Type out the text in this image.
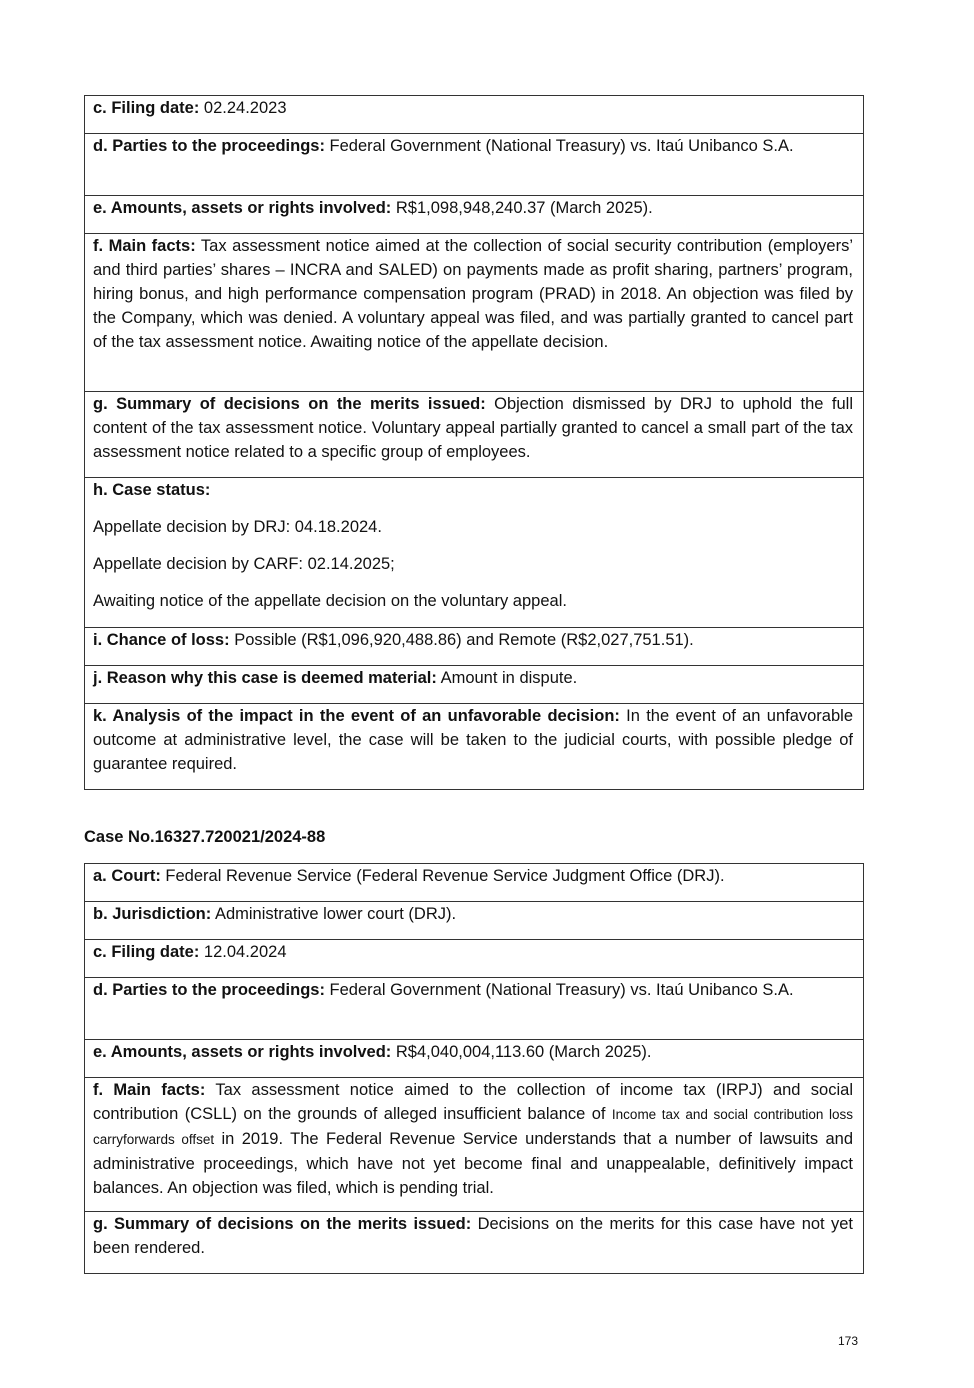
c. Filing date: 02.24.2023

d. Parties to the proceedings: Federal Government (National Treasury) vs. Itaú Unibanco S.A.

e. Amounts, assets or rights involved: R$1,098,948,240.37 (March 2025).

f. Main facts: Tax assessment notice aimed at the collection of social security contribution (employers’ and third parties’ shares – INCRA and SALED) on payments made as profit sharing, partners’ program, hiring bonus, and high performance compensation program (PRAD) in 2018. An objection was filed by the Company, which was denied. A voluntary appeal was filed, and was partially granted to cancel part of the tax assessment notice. Awaiting notice of the appellate decision.

g. Summary of decisions on the merits issued: Objection dismissed by DRJ to uphold the full content of the tax assessment notice. Voluntary appeal partially granted to cancel a small part of the tax assessment notice related to a specific group of employees.

h. Case status:

Appellate decision by DRJ: 04.18.2024.

Appellate decision by CARF: 02.14.2025;

Awaiting notice of the appellate decision on the voluntary appeal.

i. Chance of loss: Possible (R$1,096,920,488.86) and Remote (R$2,027,751.51).

j. Reason why this case is deemed material: Amount in dispute.

k. Analysis of the impact in the event of an unfavorable decision: In the event of an unfavorable outcome at administrative level, the case will be taken to the judicial courts, with possible pledge of guarantee required.

Case No.16327.720021/2024-88

a. Court: Federal Revenue Service (Federal Revenue Service Judgment Office (DRJ).

b. Jurisdiction: Administrative lower court (DRJ).

c. Filing date: 12.04.2024

d. Parties to the proceedings: Federal Government (National Treasury) vs. Itaú Unibanco S.A.

e. Amounts, assets or rights involved: R$4,040,004,113.60 (March 2025).

f. Main facts: Tax assessment notice aimed to the collection of income tax (IRPJ) and social contribution (CSLL) on the grounds of alleged insufficient balance of Income tax and social contribution loss carryforwards offset in 2019. The Federal Revenue Service understands that a number of lawsuits and administrative proceedings, which have not yet become final and unappealable, definitively impact balances. An objection was filed, which is pending trial.

g. Summary of decisions on the merits issued: Decisions on the merits for this case have not yet been rendered.

173
